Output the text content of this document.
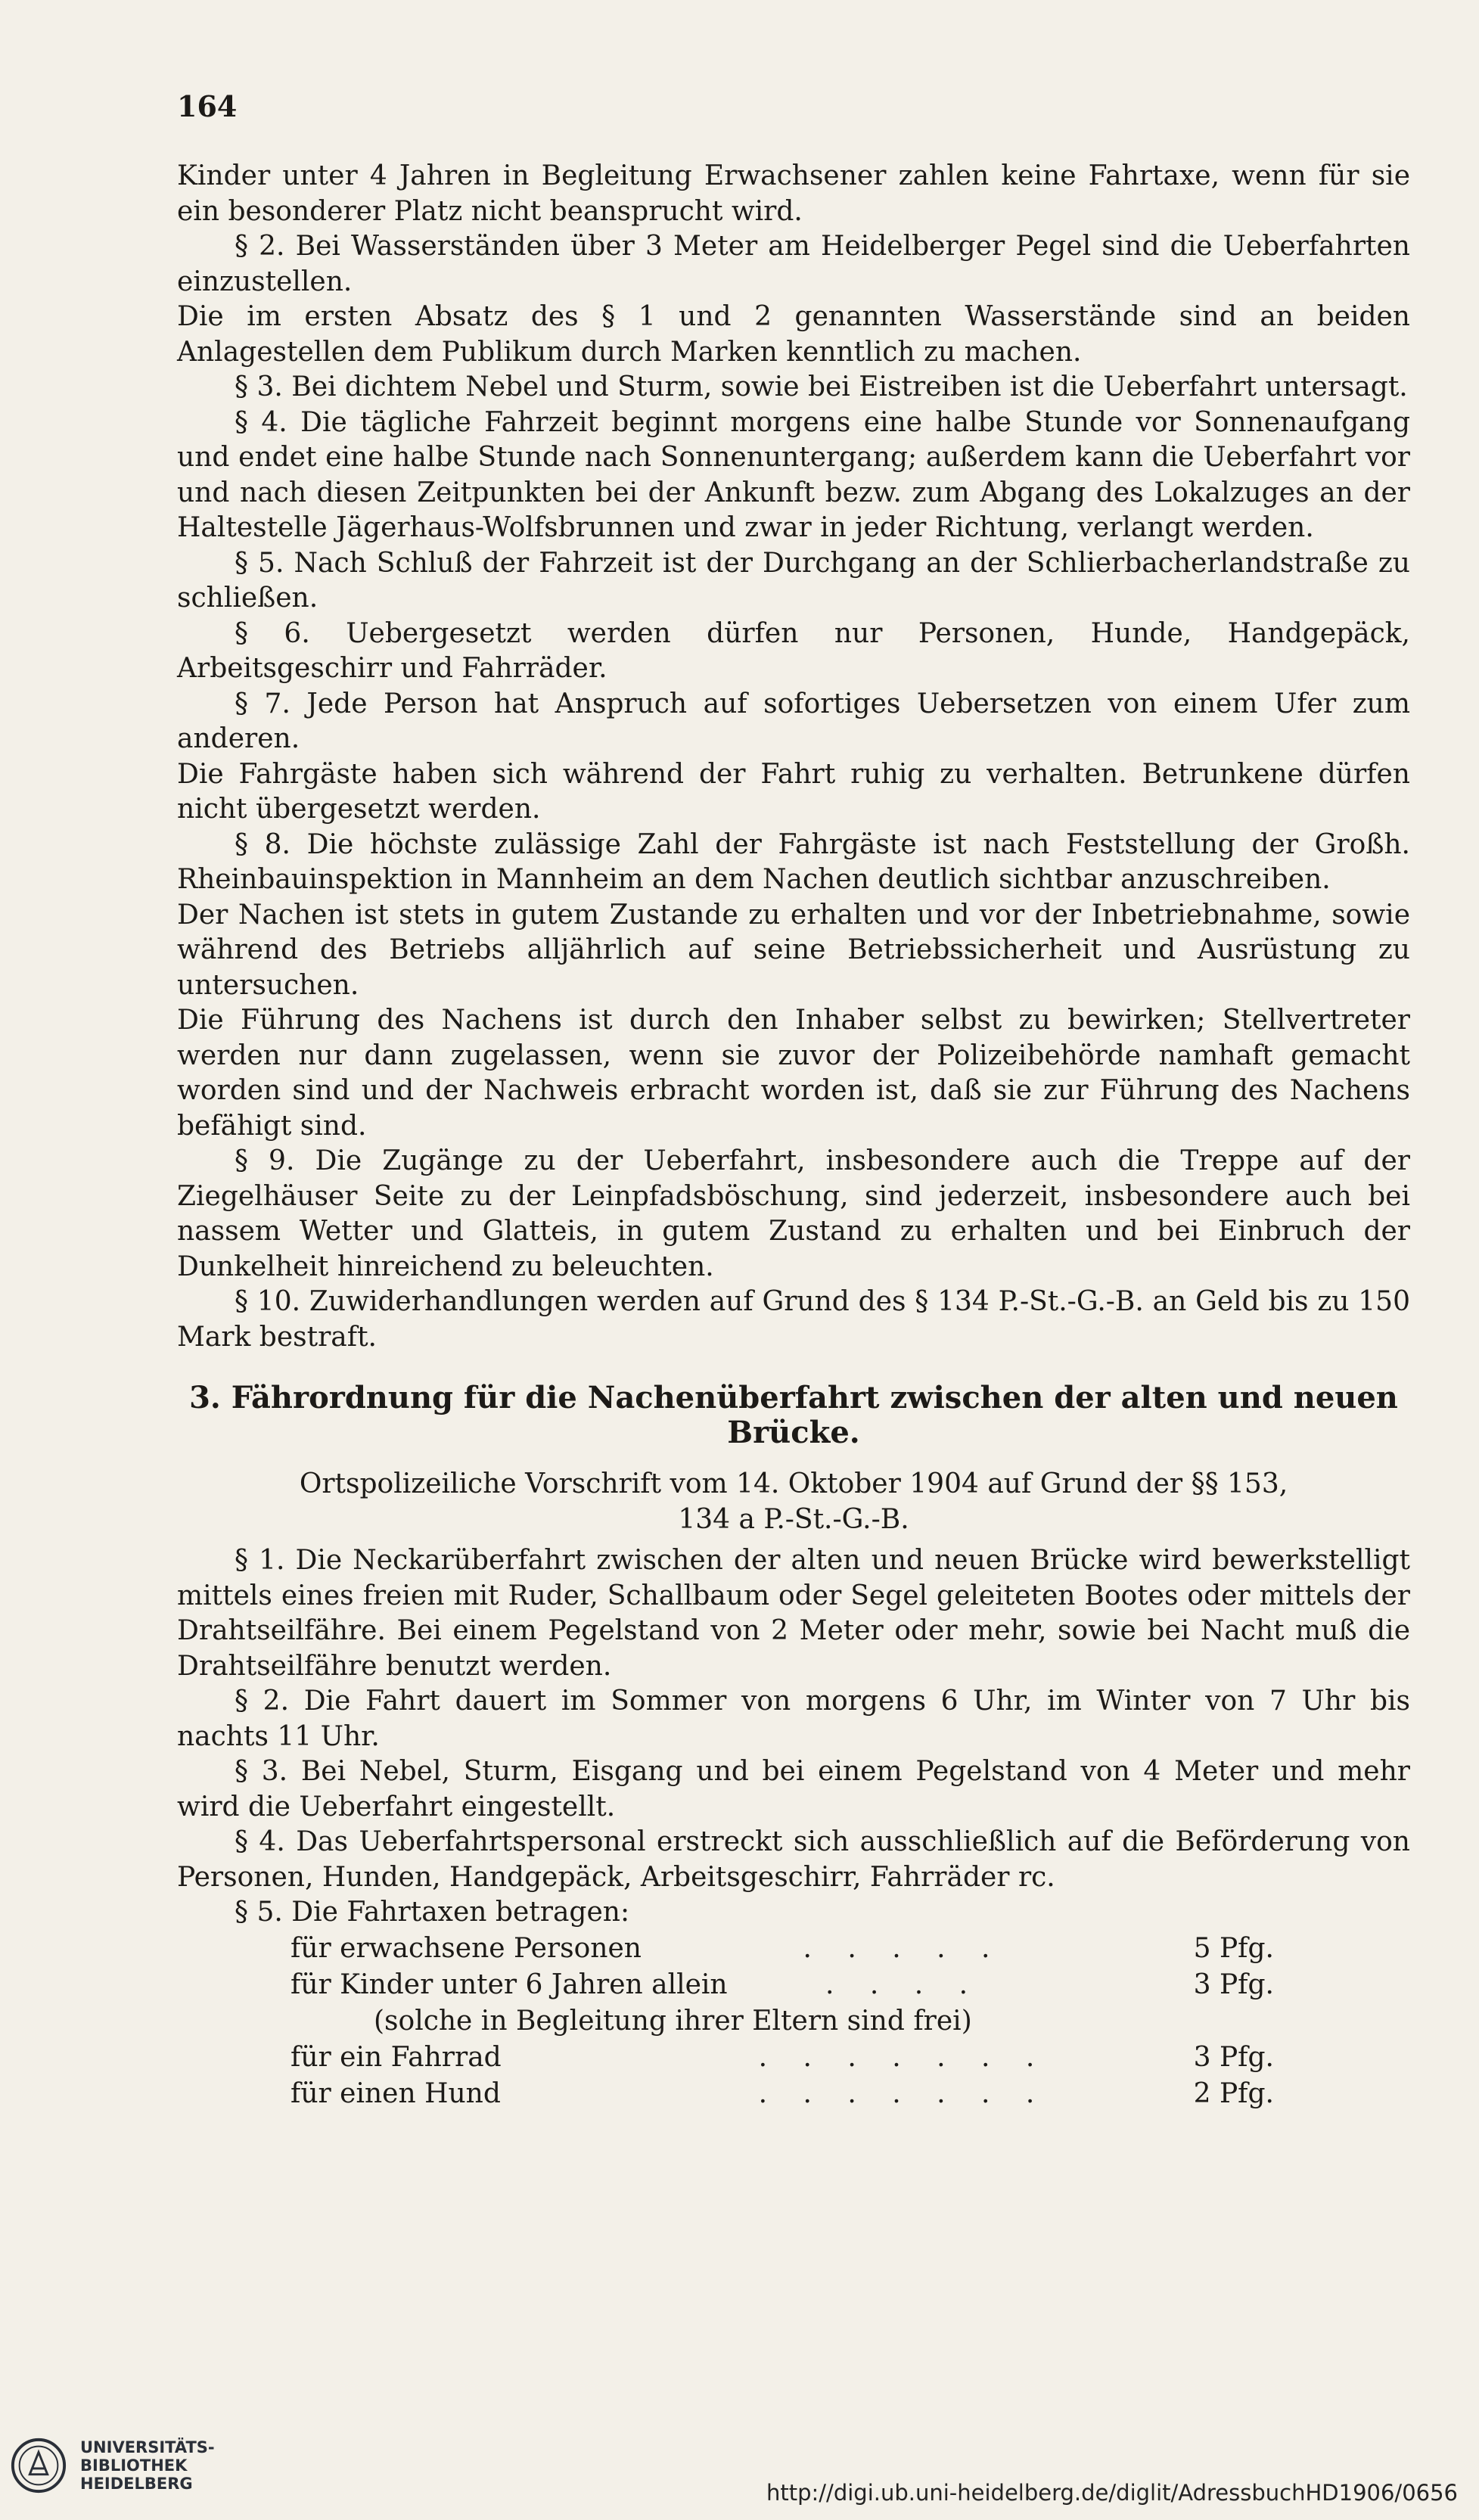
164

Kinder unter 4 Jahren in Begleitung Erwachsener zahlen keine Fahrtaxe, wenn für sie ein besonderer Platz nicht beansprucht wird.

§ 2. Bei Wasserständen über 3 Meter am Heidelberger Pegel sind die Ueberfahrten einzustellen.

Die im ersten Absatz des § 1 und 2 genannten Wasserstände sind an beiden Anlagestellen dem Publikum durch Marken kenntlich zu machen.

§ 3. Bei dichtem Nebel und Sturm, sowie bei Eistreiben ist die Ueberfahrt untersagt.

§ 4. Die tägliche Fahrzeit beginnt morgens eine halbe Stunde vor Sonnenaufgang und endet eine halbe Stunde nach Sonnenuntergang; außerdem kann die Ueberfahrt vor und nach diesen Zeitpunkten bei der Ankunft bezw. zum Abgang des Lokalzuges an der Haltestelle Jägerhaus-Wolfsbrunnen und zwar in jeder Richtung, verlangt werden.

§ 5. Nach Schluß der Fahrzeit ist der Durchgang an der Schlierbacherlandstraße zu schließen.

§ 6. Uebergesetzt werden dürfen nur Personen, Hunde, Handgepäck, Arbeitsgeschirr und Fahrräder.

§ 7. Jede Person hat Anspruch auf sofortiges Uebersetzen von einem Ufer zum anderen.

Die Fahrgäste haben sich während der Fahrt ruhig zu verhalten. Betrunkene dürfen nicht übergesetzt werden.

§ 8. Die höchste zulässige Zahl der Fahrgäste ist nach Feststellung der Großh. Rheinbauinspektion in Mannheim an dem Nachen deutlich sichtbar anzuschreiben.

Der Nachen ist stets in gutem Zustande zu erhalten und vor der Inbetriebnahme, sowie während des Betriebs alljährlich auf seine Betriebssicherheit und Ausrüstung zu untersuchen.

Die Führung des Nachens ist durch den Inhaber selbst zu bewirken; Stellvertreter werden nur dann zugelassen, wenn sie zuvor der Polizeibehörde namhaft gemacht worden sind und der Nachweis erbracht worden ist, daß sie zur Führung des Nachens befähigt sind.

§ 9. Die Zugänge zu der Ueberfahrt, insbesondere auch die Treppe auf der Ziegelhäuser Seite zu der Leinpfadsböschung, sind jederzeit, insbesondere auch bei nassem Wetter und Glatteis, in gutem Zustand zu erhalten und bei Einbruch der Dunkelheit hinreichend zu beleuchten.

§ 10. Zuwiderhandlungen werden auf Grund des § 134 P.-St.-G.-B. an Geld bis zu 150 Mark bestraft.

3. Fährordnung für die Nachenüberfahrt zwischen der alten und neuen Brücke.

Ortspolizeiliche Vorschrift vom 14. Oktober 1904 auf Grund der §§ 153,

134 a P.-St.-G.-B.

§ 1. Die Neckarüberfahrt zwischen der alten und neuen Brücke wird bewerkstelligt mittels eines freien mit Ruder, Schallbaum oder Segel geleiteten Bootes oder mittels der Drahtseilfähre. Bei einem Pegelstand von 2 Meter oder mehr, sowie bei Nacht muß die Drahtseilfähre benutzt werden.

§ 2. Die Fahrt dauert im Sommer von morgens 6 Uhr, im Winter von 7 Uhr bis nachts 11 Uhr.

§ 3. Bei Nebel, Sturm, Eisgang und bei einem Pegelstand von 4 Meter und mehr wird die Ueberfahrt eingestellt.

§ 4. Das Ueberfahrtspersonal erstreckt sich ausschließlich auf die Beförderung von Personen, Hunden, Handgepäck, Arbeitsgeschirr, Fahrräder rc.

§ 5. Die Fahrtaxen betragen:

für erwachsene Personen	. . . . .	5 Pfg.
für Kinder unter 6 Jahren allein	. . . .	3 Pfg.
(solche in Begleitung ihrer Eltern sind frei)		
für ein Fahrrad	. . . . . . .	3 Pfg.
für einen Hund	. . . . . . .	2 Pfg.
UNIVERSITÄTS-
BIBLIOTHEK
HEIDELBERG	http://digi.ub.uni-heidelberg.de/diglit/AdressbuchHD1906/0656
